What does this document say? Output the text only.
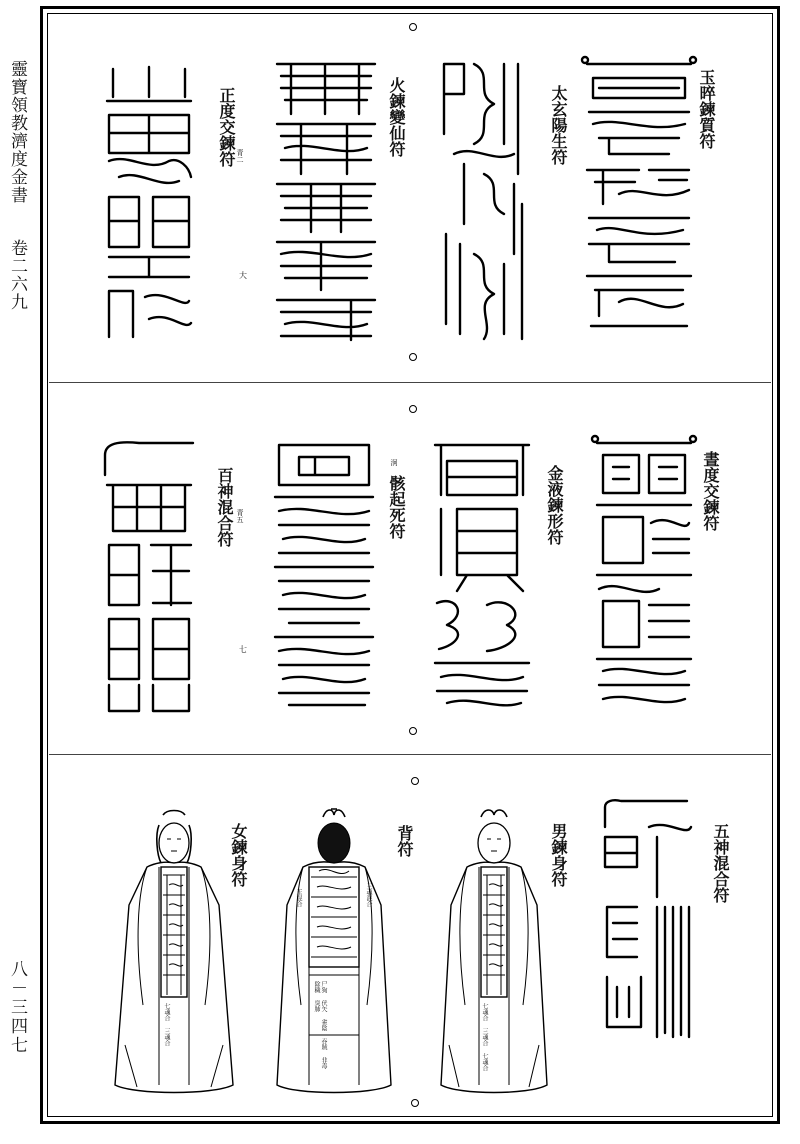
靈寶領教濟度金書 卷二六九
八－三四七
玉晬鍊質符
太玄陽生符
火鍊變仙符
青二
大
正度交鍊符
晝度交鍊符
金液鍊形符
泂
骸起死符
青五
七
百神混合符
五神混合符
男鍊身符
七魂合 三魂合 七魂合
背符
三魂混合
玉混合
尸狗 伏矢 雀陰 吞賊 非毒 除穢 臭肺
女鍊身符
七魂合 三魂合
